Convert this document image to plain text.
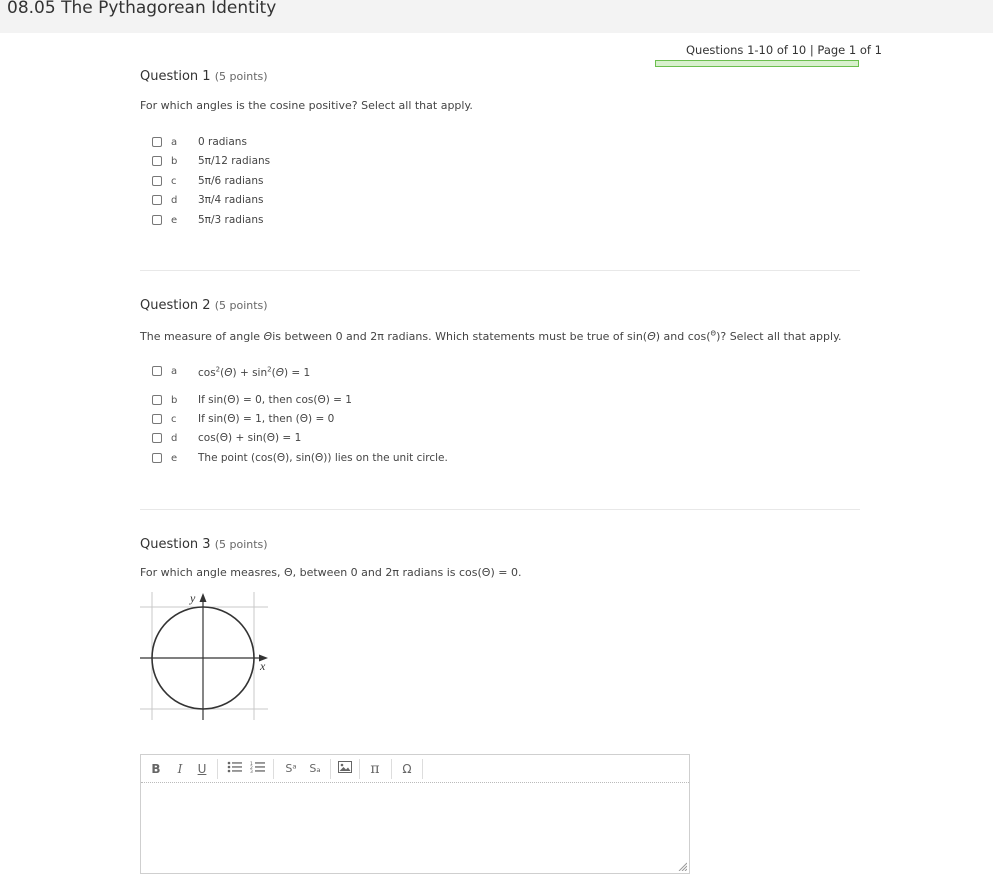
08.05 The Pythagorean Identity
Questions 1-10 of 10 | Page 1 of 1
Question 1 (5 points)
For which angles is the cosine positive? Select all that apply.
a 0 radians
b 5π/12 radians
c 5π/6 radians
d 3π/4 radians
e 5π/3 radians
Question 2 (5 points)
The measure of angle Θis between 0 and 2π radians. Which statements must be true of sin(Θ) and cos($^\Theta$)? Select all that apply.
a $\cos^2(\Theta) + \sin^2(\Theta) = 1$
b If sin(Θ) = 0, then cos(Θ) = 1
c If sin(Θ) = 1, then (Θ) = 0
d cos(Θ) + sin(Θ) = 1
e The point (cos(Θ), sin(Θ)) lies on the unit circle.
Question 3 (5 points)
For which angle measres, Θ, between 0 and 2π radians is cos(Θ) = 0.
y
x
B	I	U	1
2
3	Sᵃ Sₐ	π Ω
